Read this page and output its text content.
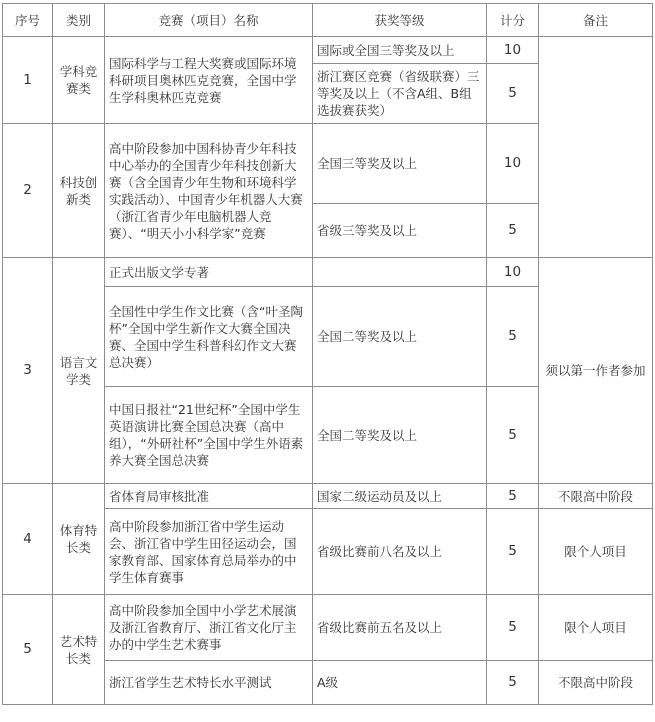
序号	类别	竞赛（项目）名称	获奖等级	计分	备注
1	学科竞赛类	国际科学与工程大奖赛或国际环境科研项目奥林匹克竞赛，全国中学生学科奥林匹克竞赛	国际或全国三等奖及以上	10	
			浙江赛区竞赛（省级联赛）三等奖及以上（不含A组、B组选拔赛获奖）	5	
2	科技创新类	高中阶段参加中国科协青少年科技中心举办的全国青少年科技创新大赛（含全国青少年生物和环境科学实践活动）、中国青少年机器人大赛（浙江省青少年电脑机器人竞赛）、“明天小小科学家”竞赛	全国三等奖及以上	10	
			省级三等奖及以上	5	
3	语言文学类	正式出版文学专著		10	须以第一作者参加
		全国性中学生作文比赛（含“叶圣陶杯”全国中学生新作文大赛全国决赛、全国中学生科普科幻作文大赛总决赛）	全国二等奖及以上	5	
		中国日报社“21世纪杯”全国中学生英语演讲比赛全国总决赛（高中组），“外研社杯”全国中学生外语素养大赛全国总决赛	全国二等奖及以上	5	
4	体育特长类	省体育局审核批准	国家二级运动员及以上	5	不限高中阶段
		高中阶段参加浙江省中学生运动会、浙江省中学生田径运动会，国家教育部、国家体育总局举办的中学生体育赛事	省级比赛前八名及以上	5	限个人项目
5	艺术特长类	高中阶段参加全国中小学艺术展演及浙江省教育厅、浙江省文化厅主办的中学生艺术赛事	省级比赛前五名及以上	5	限个人项目
		浙江省学生艺术特长水平测试	A级	5	不限高中阶段
